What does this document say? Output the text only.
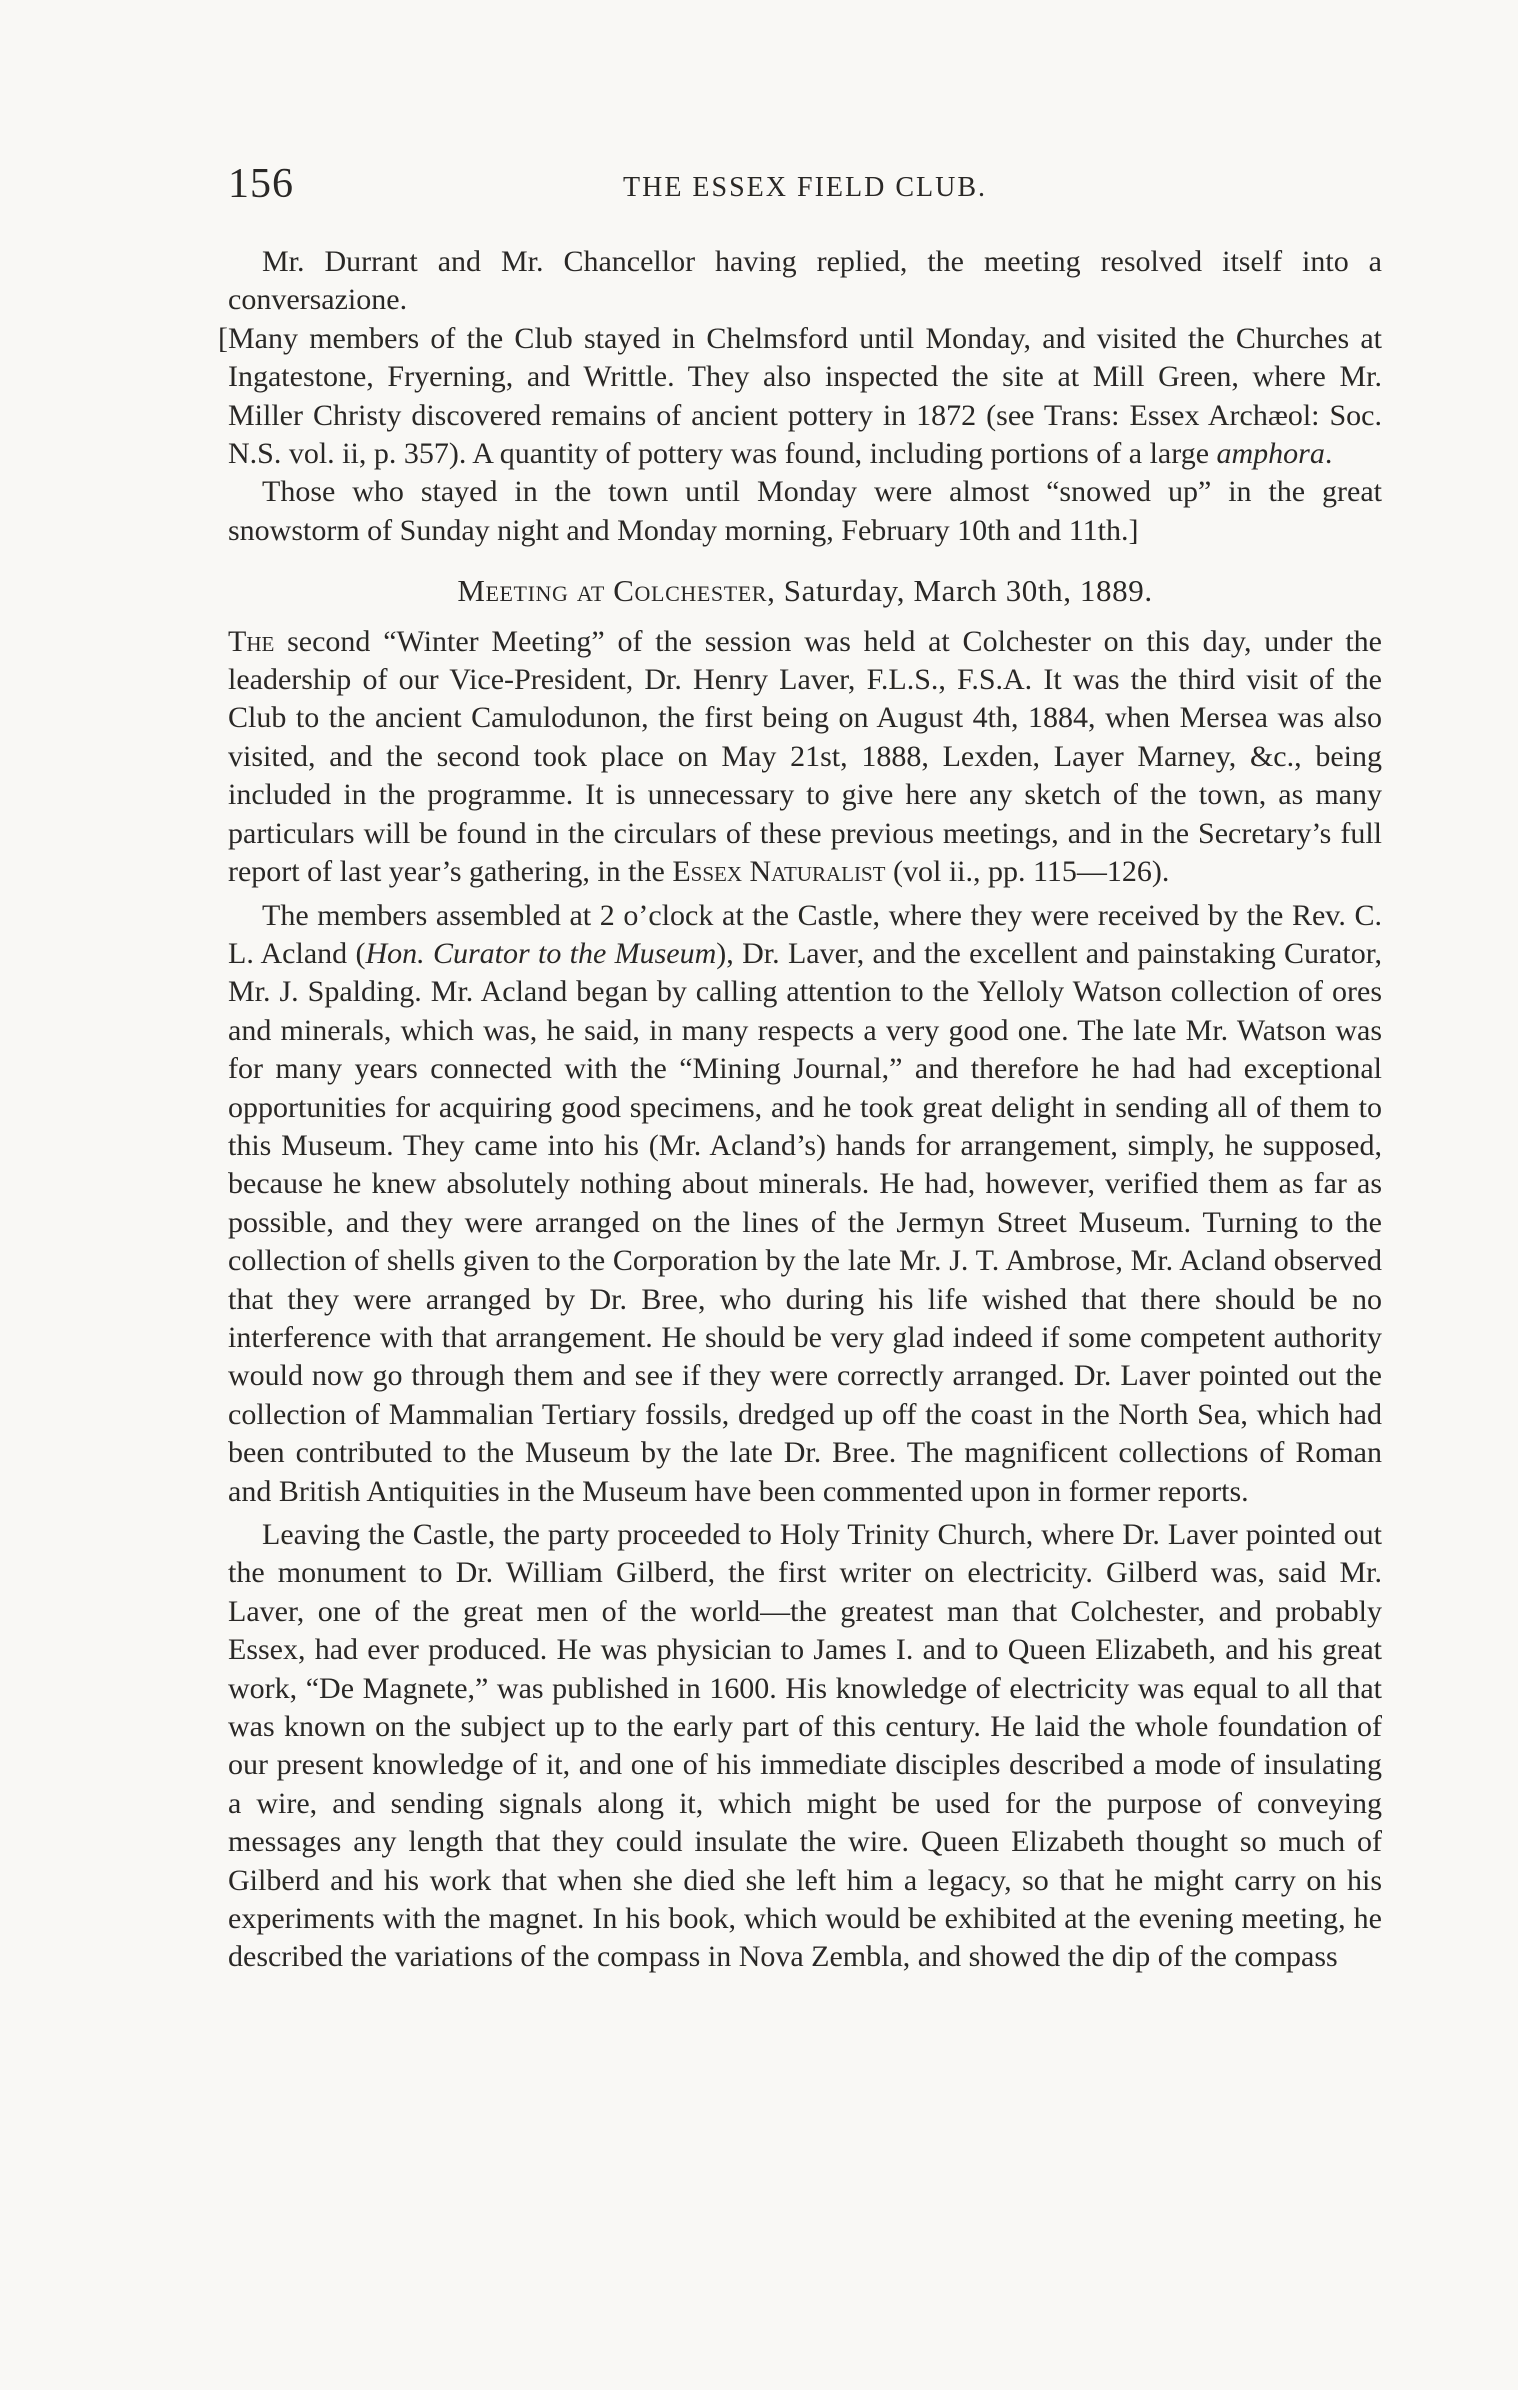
156	THE ESSEX FIELD CLUB.

Mr. Durrant and Mr. Chancellor having replied, the meeting resolved itself into a conversazione.

[Many members of the Club stayed in Chelmsford until Monday, and visited the Churches at Ingatestone, Fryerning, and Writtle. They also inspected the site at Mill Green, where Mr. Miller Christy discovered remains of ancient pottery in 1872 (see Trans: Essex Archæol: Soc. N.S. vol. ii, p. 357). A quantity of pottery was found, including portions of a large amphora.

Those who stayed in the town until Monday were almost “snowed up” in the great snowstorm of Sunday night and Monday morning, February 10th and 11th.]

Meeting at Colchester, Saturday, March 30th, 1889.

The second “Winter Meeting” of the session was held at Colchester on this day, under the leadership of our Vice-President, Dr. Henry Laver, F.L.S., F.S.A. It was the third visit of the Club to the ancient Camulodunon, the first being on August 4th, 1884, when Mersea was also visited, and the second took place on May 21st, 1888, Lexden, Layer Marney, &c., being included in the programme. It is unnecessary to give here any sketch of the town, as many particulars will be found in the circulars of these previous meetings, and in the Secretary’s full report of last year’s gathering, in the Essex Naturalist (vol ii., pp. 115—126).

The members assembled at 2 o’clock at the Castle, where they were received by the Rev. C. L. Acland (Hon. Curator to the Museum), Dr. Laver, and the excellent and painstaking Curator, Mr. J. Spalding. Mr. Acland began by calling attention to the Yelloly Watson collection of ores and minerals, which was, he said, in many respects a very good one. The late Mr. Watson was for many years connected with the “Mining Journal,” and therefore he had had exceptional opportunities for acquiring good specimens, and he took great delight in sending all of them to this Museum. They came into his (Mr. Acland’s) hands for arrangement, simply, he supposed, because he knew absolutely nothing about minerals. He had, however, verified them as far as possible, and they were arranged on the lines of the Jermyn Street Museum. Turning to the collection of shells given to the Corporation by the late Mr. J. T. Ambrose, Mr. Acland observed that they were arranged by Dr. Bree, who during his life wished that there should be no interference with that arrangement. He should be very glad indeed if some competent authority would now go through them and see if they were correctly arranged. Dr. Laver pointed out the collection of Mammalian Tertiary fossils, dredged up off the coast in the North Sea, which had been contributed to the Museum by the late Dr. Bree. The magnificent collections of Roman and British Antiquities in the Museum have been commented upon in former reports.

Leaving the Castle, the party proceeded to Holy Trinity Church, where Dr. Laver pointed out the monument to Dr. William Gilberd, the first writer on electricity. Gilberd was, said Mr. Laver, one of the great men of the world—the greatest man that Colchester, and probably Essex, had ever produced. He was physician to James I. and to Queen Elizabeth, and his great work, “De Magnete,” was published in 1600. His knowledge of electricity was equal to all that was known on the subject up to the early part of this century. He laid the whole foundation of our present knowledge of it, and one of his immediate disciples described a mode of insulating a wire, and sending signals along it, which might be used for the purpose of conveying messages any length that they could insulate the wire. Queen Elizabeth thought so much of Gilberd and his work that when she died she left him a legacy, so that he might carry on his experiments with the magnet. In his book, which would be exhibited at the evening meeting, he described the variations of the compass in Nova Zembla, and showed the dip of the compass
